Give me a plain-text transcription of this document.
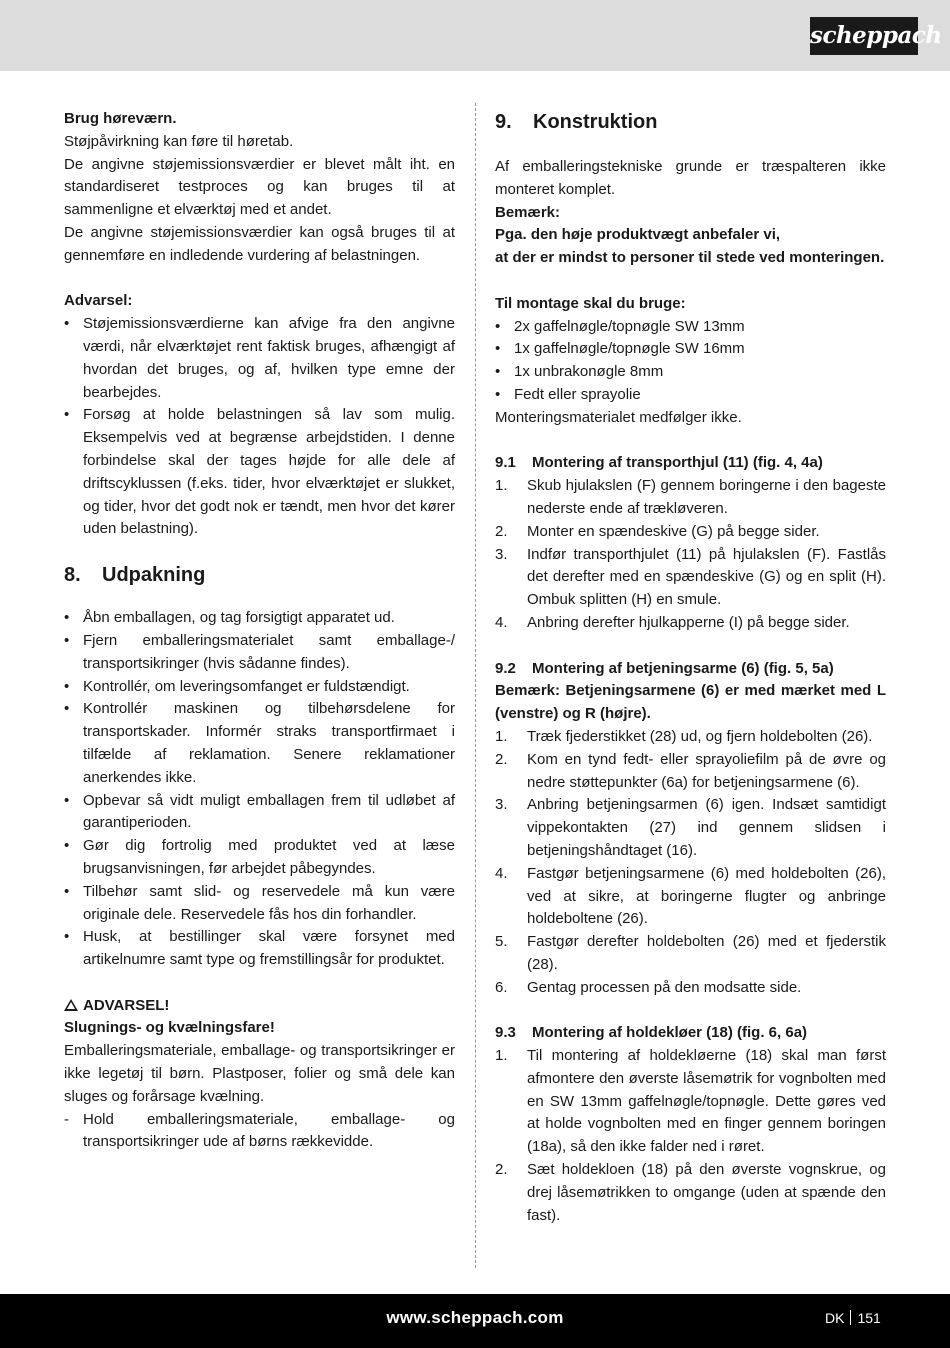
scheppach

Brug høreværn.

Støjpåvirkning kan føre til høretab.

De angivne støjemissionsværdier er blevet målt iht. en standardiseret testproces og kan bruges til at sammenligne et elværktøj med et andet.

De angivne støjemissionsværdier kan også bruges til at gennemføre en indledende vurdering af belastningen.

Advarsel:

• Støjemissionsværdierne kan afvige fra den angivne værdi, når elværktøjet rent faktisk bruges, afhængigt af hvordan det bruges, og af, hvilken type emne der bearbejdes.
• Forsøg at holde belastningen så lav som mulig. Eksempelvis ved at begrænse arbejdstiden. I denne forbindelse skal der tages højde for alle dele af driftscyklussen (f.eks. tider, hvor elværktøjet er slukket, og tider, hvor det godt nok er tændt, men hvor det kører uden belastning).

8. Udpakning

• Åbn emballagen, og tag forsigtigt apparatet ud.
• Fjern emballeringsmaterialet samt emballage-/ transportsikringer (hvis sådanne findes).
• Kontrollér, om leveringsomfanget er fuldstændigt.
• Kontrollér maskinen og tilbehørsdelene for transportskader. Informér straks transportfirmaet i tilfælde af reklamation. Senere reklamationer anerkendes ikke.
• Opbevar så vidt muligt emballagen frem til udløbet af garantiperioden.
• Gør dig fortrolig med produktet ved at læse brugsanvisningen, før arbejdet påbegyndes.
• Tilbehør samt slid- og reservedele må kun være originale dele. Reservedele fås hos din forhandler.
• Husk, at bestillinger skal være forsynet med artikelnumre samt type og fremstillingsår for produktet.

ADVARSEL!

Slugnings- og kvælningsfare!

Emballeringsmateriale, emballage- og transportsikringer er ikke legetøj til børn. Plastposer, folier og små dele kan sluges og forårsage kvælning.

- Hold emballeringsmateriale, emballage- og transportsikringer ude af børns rækkevidde.

9. Konstruktion

Af emballeringstekniske grunde er træspalteren ikke monteret komplet.

Bemærk:

Pga. den høje produktvægt anbefaler vi,

at der er mindst to personer til stede ved monteringen.

Til montage skal du bruge:

• 2x gaffelnøgle/topnøgle SW 13mm
• 1x gaffelnøgle/topnøgle SW 16mm
• 1x unbrakonøgle 8mm
• Fedt eller sprayolie

Monteringsmaterialet medfølger ikke.

9.1 Montering af transporthjul (11) (fig. 4, 4a)

1. Skub hjulakslen (F) gennem boringerne i den bageste nederste ende af trækløveren.
2. Monter en spændeskive (G) på begge sider.
3. Indfør transporthjulet (11) på hjulakslen (F). Fastlås det derefter med en spændeskive (G) og en split (H). Ombuk splitten (H) en smule.
4. Anbring derefter hjulkapperne (I) på begge sider.

9.2 Montering af betjeningsarme (6) (fig. 5, 5a)

Bemærk: Betjeningsarmene (6) er med mærket med L (venstre) og R (højre).

1. Træk fjederstikket (28) ud, og fjern holdebolten (26).
2. Kom en tynd fedt- eller sprayoliefilm på de øvre og nedre støttepunkter (6a) for betjeningsarmene (6).
3. Anbring betjeningsarmen (6) igen. Indsæt samtidigt vippekontakten (27) ind gennem slidsen i betjeningshåndtaget (16).
4. Fastgør betjeningsarmene (6) med holdebolten (26), ved at sikre, at boringerne flugter og anbringe holdeboltene (26).
5. Fastgør derefter holdebolten (26) med et fjederstik (28).
6. Gentag processen på den modsatte side.

9.3 Montering af holdekløer (18) (fig. 6, 6a)

1. Til montering af holdekløerne (18) skal man først afmontere den øverste låsemøtrik for vognbolten med en SW 13mm gaffelnøgle/topnøgle. Dette gøres ved at holde vognbolten med en finger gennem boringen (18a), så den ikke falder ned i røret.
2. Sæt holdekloen (18) på den øverste vognskrue, og drej låsemøtrikken to omgange (uden at spænde den fast).
www.scheppach.com	DK 151
